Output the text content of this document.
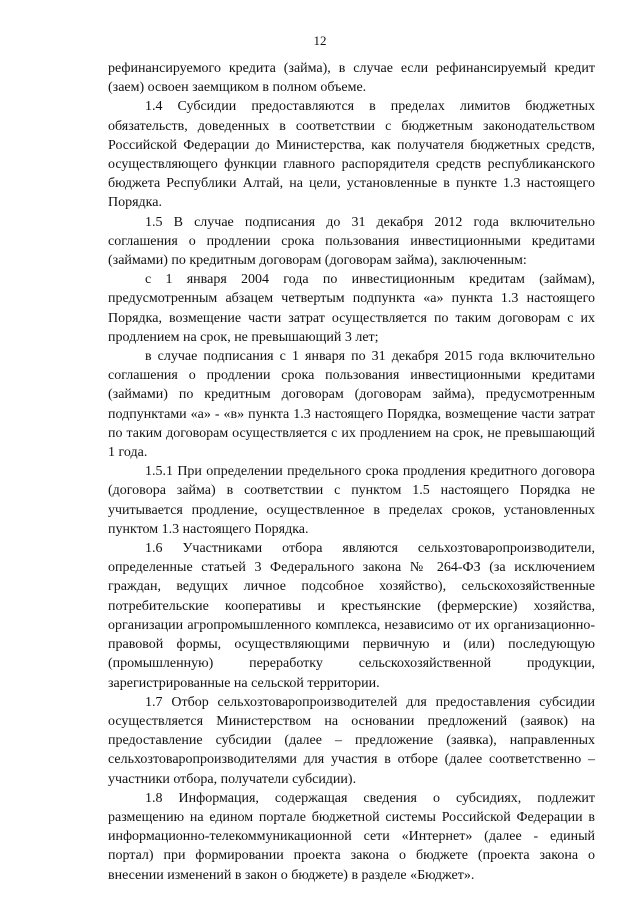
12

рефинансируемого кредита (займа), в случае если рефинансируемый кредит (заем) освоен заемщиком в полном объеме.

1.4 Субсидии предоставляются в пределах лимитов бюджетных обязательств, доведенных в соответствии с бюджетным законодательством Российской Федерации до Министерства, как получателя бюджетных средств, осуществляющего функции главного распорядителя средств республиканского бюджета Республики Алтай, на цели, установленные в пункте 1.3 настоящего Порядка.

1.5 В случае подписания до 31 декабря 2012 года включительно соглашения о продлении срока пользования инвестиционными кредитами (займами) по кредитным договорам (договорам займа), заключенным:

с 1 января 2004 года по инвестиционным кредитам (займам), предусмотренным абзацем четвертым подпункта «а» пункта 1.3 настоящего Порядка, возмещение части затрат осуществляется по таким договорам с их продлением на срок, не превышающий 3 лет;

в случае подписания с 1 января по 31 декабря 2015 года включительно соглашения о продлении срока пользования инвестиционными кредитами (займами) по кредитным договорам (договорам займа), предусмотренным подпунктами «а» - «в» пункта 1.3 настоящего Порядка, возмещение части затрат по таким договорам осуществляется с их продлением на срок, не превышающий 1 года.

1.5.1 При определении предельного срока продления кредитного договора (договора займа) в соответствии с пунктом 1.5 настоящего Порядка не учитывается продление, осуществленное в пределах сроков, установленных пунктом 1.3 настоящего Порядка.

1.6 Участниками отбора являются сельхозтоваропроизводители, определенные статьей 3 Федерального закона № 264-ФЗ (за исключением граждан, ведущих личное подсобное хозяйство), сельскохозяйственные потребительские кооперативы и крестьянские (фермерские) хозяйства, организации агропромышленного комплекса, независимо от их организационно-правовой формы, осуществляющими первичную и (или) последующую (промышленную) переработку сельскохозяйственной продукции, зарегистрированные на сельской территории.

1.7 Отбор сельхозтоваропроизводителей для предоставления субсидии осуществляется Министерством на основании предложений (заявок) на предоставление субсидии (далее – предложение (заявка), направленных сельхозтоваропроизводителями для участия в отборе (далее соответственно – участники отбора, получатели субсидии).

1.8 Информация, содержащая сведения о субсидиях, подлежит размещению на едином портале бюджетной системы Российской Федерации в информационно-телекоммуникационной сети «Интернет» (далее - единый портал) при формировании проекта закона о бюджете (проекта закона о внесении изменений в закон о бюджете) в разделе «Бюджет».
